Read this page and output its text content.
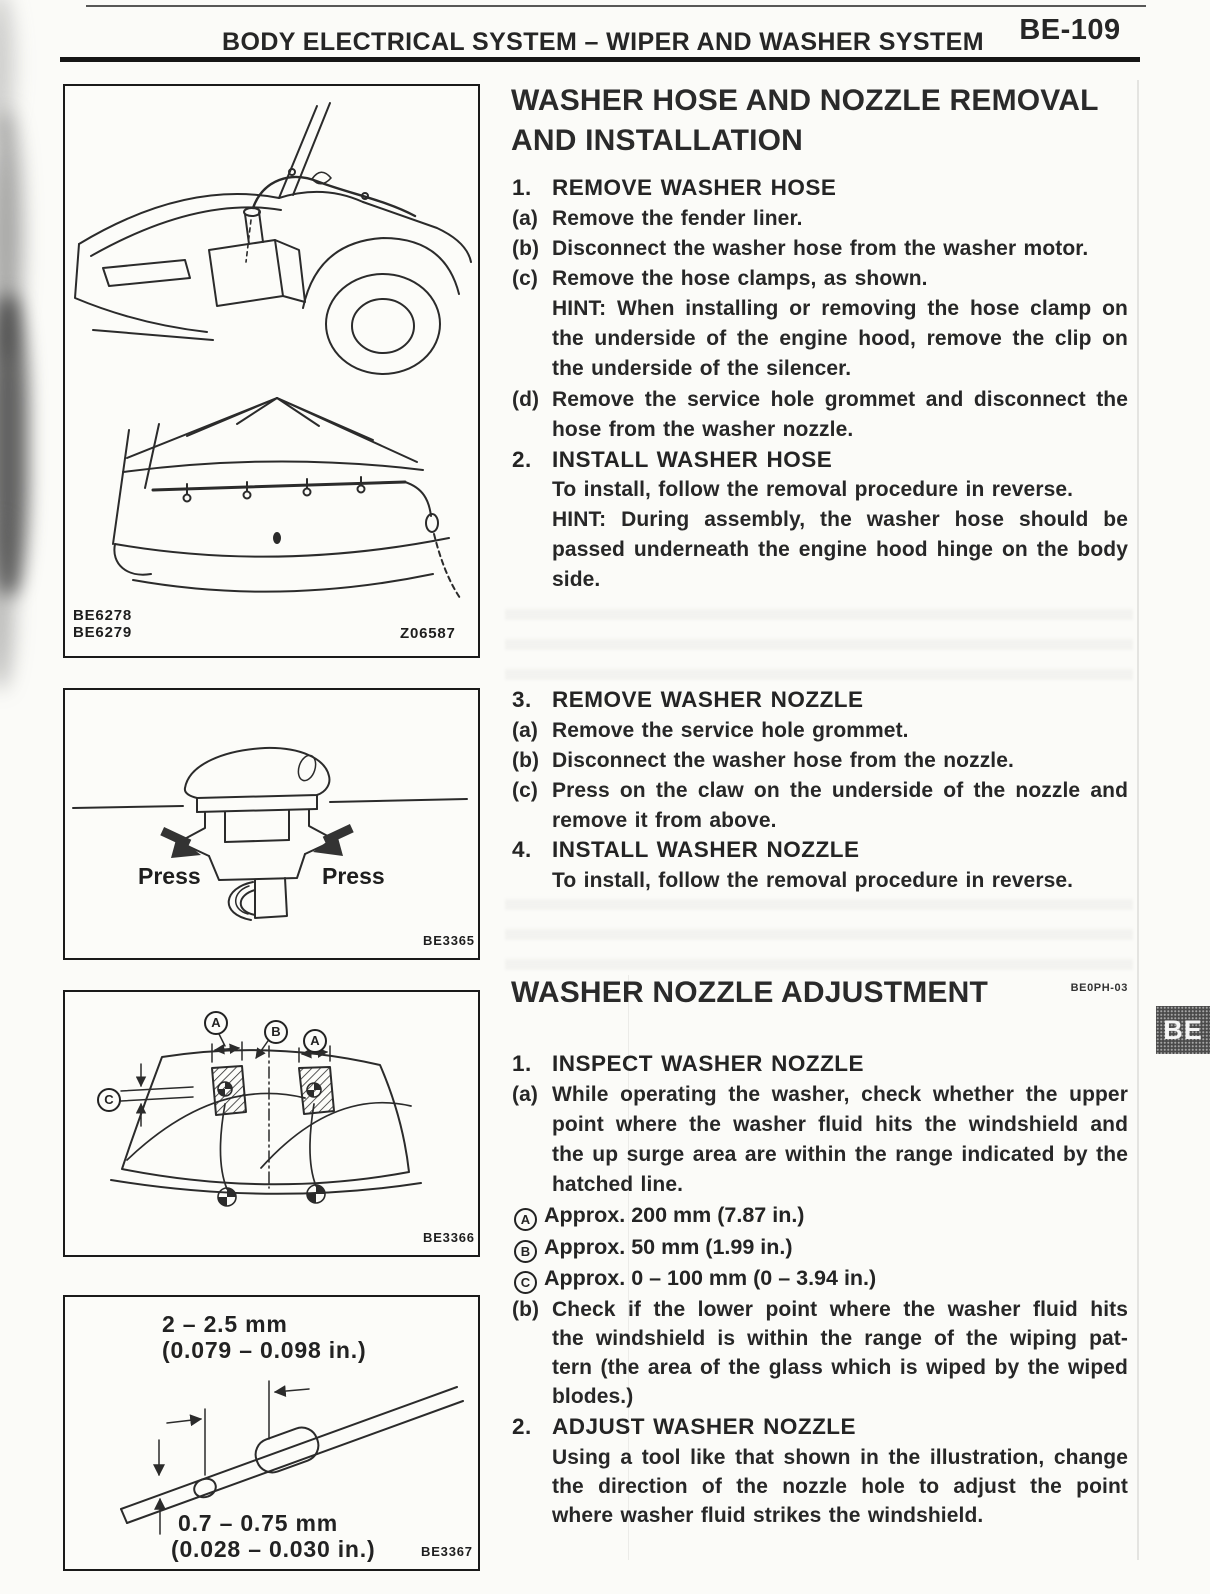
BODY ELECTRICAL SYSTEM – WIPER AND WASHER SYSTEM	BE-109
BE6278
BE6279	Z06587
Press	Press
BE3365
A
B
A
C
BE3366
2 – 2.5 mm
(0.079 – 0.098 in.)
0.7 – 0.75 mm
(0.028 – 0.030 in.)	BE3367
WASHER HOSE AND NOZZLE REMOVAL
AND INSTALLATION
1. REMOVE WASHER HOSE
(a) Remove the fender liner.
(b) Disconnect the washer hose from the washer motor.
(c) Remove the hose clamps, as shown.
HINT: When installing or removing the hose clamp on
the underside of the engine hood, remove the clip on
the underside of the silencer.
(d) Remove the service hole grommet and disconnect the
hose from the washer nozzle.
2. INSTALL WASHER HOSE
To install, follow the removal procedure in reverse.
HINT: During assembly, the washer hose should be
passed underneath the engine hood hinge on the body
side.
3. REMOVE WASHER NOZZLE
(a) Remove the service hole grommet.
(b) Disconnect the washer hose from the nozzle.
(c) Press on the claw on the underside of the nozzle and
remove it from above.
4. INSTALL WASHER NOZZLE
To install, follow the removal procedure in reverse.
WASHER NOZZLE ADJUSTMENT	BE0PH-03
1. INSPECT WASHER NOZZLE
(a) While operating the washer, check whether the upper
point where the washer fluid hits the windshield and
the up surge area are within the range indicated by the
hatched line.
A Approx. 200 mm (7.87 in.)
B Approx. 50 mm (1.99 in.)
C Approx. 0 – 100 mm (0 – 3.94 in.)
(b) Check if the lower point where the washer fluid hits
the windshield is within the range of the wiping pat-
tern (the area of the glass which is wiped by the wiped
blodes.)
2. ADJUST WASHER NOZZLE
Using a tool like that shown in the illustration, change
the direction of the nozzle hole to adjust the point
where washer fluid strikes the windshield.
BE
